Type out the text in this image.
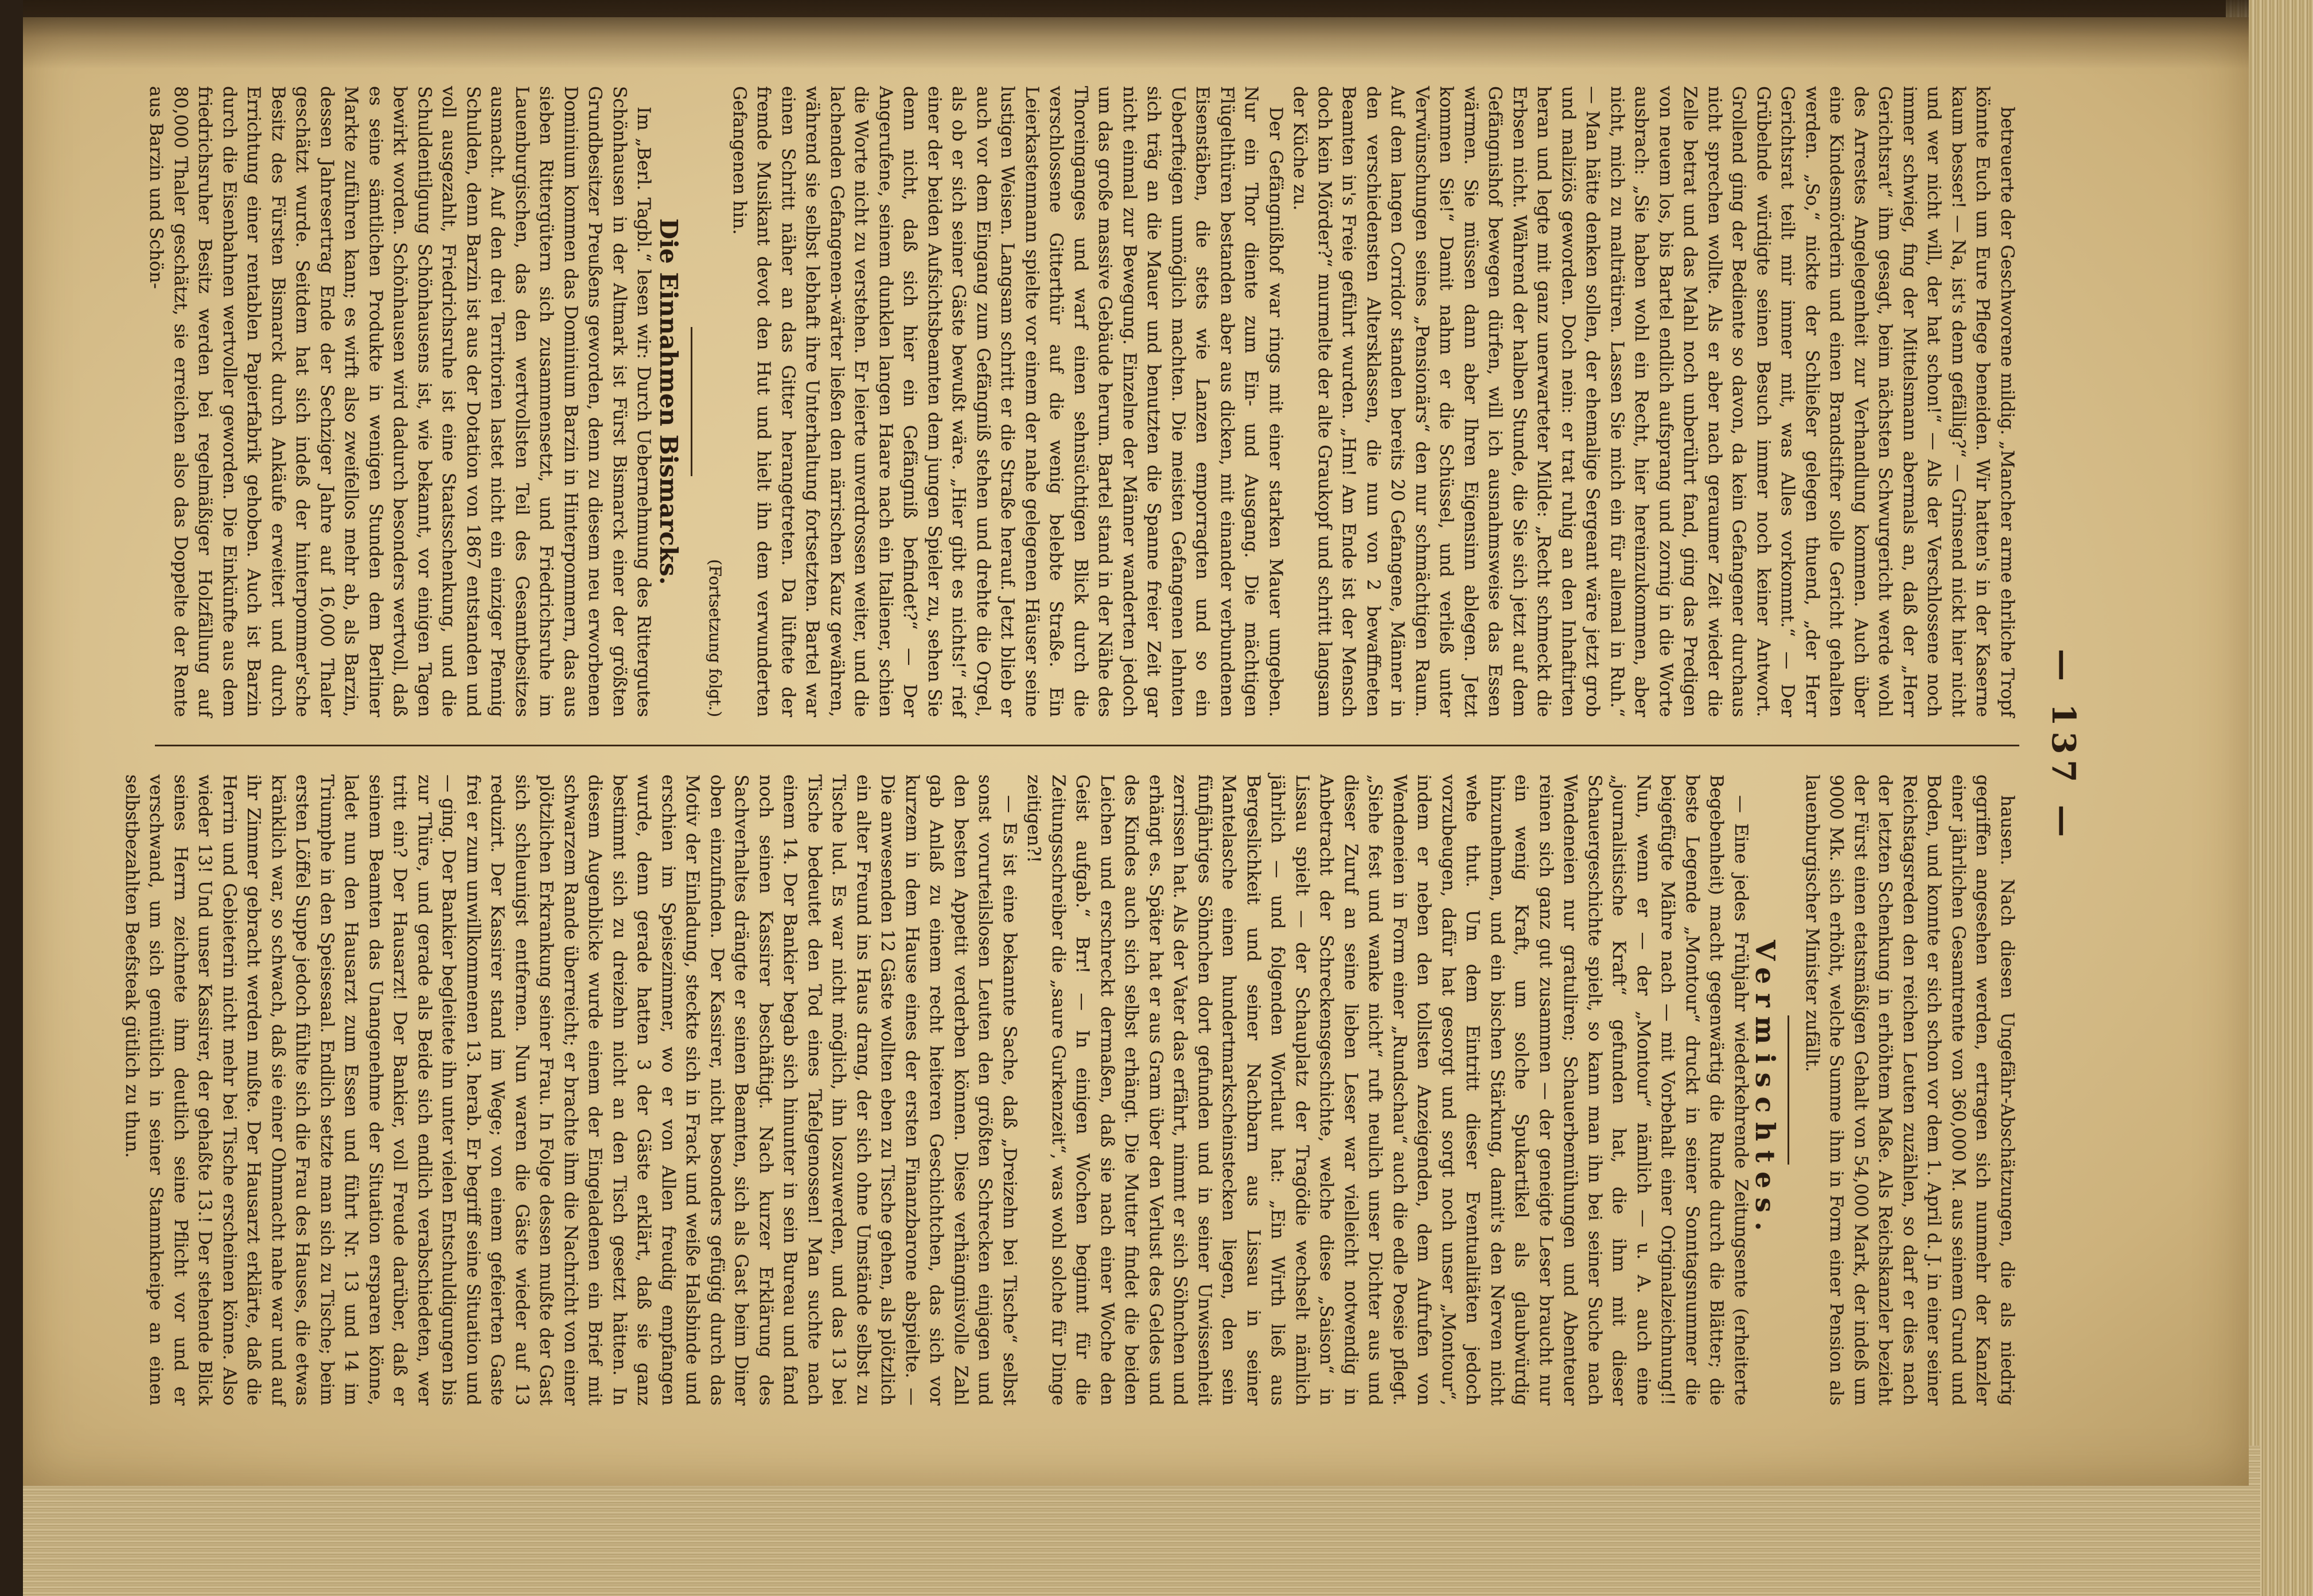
— 137 —

betreuerte der Geschworene mildig. „Mancher arme ehrliche Tropf könnte Euch um Eure Pflege beneiden. Wir hatten's in der Kaserne kaum besser! — Na, ist's denn gefällig?“ — Grinsend nickt hier nicht und wer nicht will, der hat schon!“ — Als der Verschlossene noch immer schwieg, fing der Mittelsmann abermals an, daß der „Herr Gerichtsrat“ ihm gesagt, beim nächsten Schwurgericht werde wohl des Arrestes Angelegenheit zur Verhandlung kommen. Auch über eine Kindesmörderin und einen Brandstifter solle Gericht gehalten werden. „So,“ nickte der Schließer gelegen thuend, „der Herr Gerichtsrat teilt mir immer mit, was Alles vorkommt.“ — Der Grübelnde würdigte seinen Besuch immer noch keiner Antwort. Grollend ging der Bediente so davon, da kein Gefangener durchaus nicht sprechen wollte. Als er aber nach geraumer Zeit wieder die Zelle betrat und das Mahl noch unberührt fand, ging das Predigen von neuem los, bis Bartel endlich aufsprang und zornig in die Worte ausbrach: „Sie haben wohl ein Recht, hier hereinzukommen, aber nicht, mich zu malträtiren. Lassen Sie mich ein für allemal in Ruh.“ — Man hätte denken sollen, der ehemalige Sergeant wäre jetzt grob und maliziös geworden. Doch nein: er trat ruhig an den Inhaftirten heran und legte mit ganz unerwarteter Milde: „Recht schmeckt die Erbsen nicht. Während der halben Stunde, die Sie sich jetzt auf dem Gefängnishof bewegen dürfen, will ich ausnahmsweise das Essen wärmen. Sie müssen dann aber Ihren Eigensinn ablegen. Jetzt kommen Sie!“ Damit nahm er die Schüssel, und verließ unter Verwünschungen seines „Pensionärs“ den nur schmächtigen Raum. Auf dem langen Corridor standen bereits 20 Gefangene, Männer in den verschiedensten Altersklassen, die nun von 2 bewaffneten Beamten in's Freie geführt wurden. „Hm! Am Ende ist der Mensch doch kein Mörder?“ murmelte der alte Graukopf und schritt langsam der Küche zu.

Der Gefängnißhof war rings mit einer starken Mauer umgeben. Nur ein Thor diente zum Ein- und Ausgang. Die mächtigen Flügelthüren bestanden aber aus dicken, mit einander verbundenen Eisenstäben, die stets wie Lanzen emporragten und so ein Ueberfteigen unmöglich machten. Die meisten Gefangenen lehnten sich träg an die Mauer und benutzten die Spanne freier Zeit gar nicht einmal zur Bewegung. Einzelne der Männer wanderten jedoch um das große massive Gebäude herum. Bartel stand in der Nähe des Thoreinganges und warf einen sehnsüchtigen Blick durch die verschlossene Gitterthür auf die wenig belebte Straße. Ein Leierkastenmann spielte vor einem der nahe gelegenen Häuser seine lustigen Weisen. Langsam schritt er die Straße herauf. Jetzt blieb er auch vor dem Eingang zum Gefängniß stehen und drehte die Orgel, als ob er sich seiner Gäste bewußt wäre. „Hier gibt es nichts!“ rief einer der beiden Aufsichtsbeamten dem jungen Spieler zu, sehen Sie denn nicht, daß sich hier ein Gefängniß befindet?“ — Der Angerufene, seinem dunklen langen Haare nach ein Italiener, schien die Worte nicht zu verstehen. Er leierte unverdrossen weiter, und die lachenden Gefangenen-wärter ließen den närrischen Kauz gewähren, während sie selbst lebhaft ihre Unterhaltung fortsetzten. Bartel war einen Schritt näher an das Gitter herangetreten. Da lüftete der fremde Musikant devot den Hut und hielt ihn dem verwunderten Gefangenen hin.

(Fortsetzung folgt.)

Die Einnahmen Bismarcks.

Im „Berl. Tagbl.“ lesen wir: Durch Uebernehmung des Rittergutes Schönhausen in der Altmark ist Fürst Bismarck einer der größten Grundbesitzer Preußens geworden, denn zu diesem neu erworbenen Dominium kommen das Dominium Barzin in Hinterpommern, das aus sieben Rittergütern sich zusammensetzt, und Friedrichsruhe im Lauenburgischen, das den wertvollsten Teil des Gesamtbesitzes ausmacht. Auf den drei Territorien lastet nicht ein einziger Pfennig Schulden, denn Barzin ist aus der Dotation von 1867 entstanden und voll ausgezahlt, Friedrichsruhe ist eine Staatsschenkung, und die Schuldentilgung Schönhausens ist, wie bekannt, vor einigen Tagen bewirkt worden. Schönhausen wird dadurch besonders wertvoll, daß es seine sämtlichen Produkte in wenigen Stunden dem Berliner Markte zuführen kann; es wirft also zweifellos mehr ab, als Barzin, dessen Jahresertrag Ende der Sechziger Jahre auf 16,000 Thaler geschätzt wurde. Seitdem hat sich indeß der hinterpommer'sche Besitz des Fürsten Bismarck durch Ankäufe erweitert und durch Errichtung einer rentablen Papierfabrik gehoben. Auch ist Barzin durch die Eisenbahnen wertvoller geworden. Die Einkünfte aus dem friedrichsruher Besitz werden bei regelmäßiger Holzfällung auf 80,000 Thaler geschätzt, sie erreichen also das Doppelte der Rente aus Barzin und Schön-

hausen. Nach diesen Ungefähr-Abschätzungen, die als niedrig gegriffen angesehen werden, ertragen sich nunmehr der Kanzler einer jährlichen Gesamtrente von 360,000 M. aus seinem Grund und Boden, und konnte er sich schon vor dem 1. April d. J. in einer seiner Reichstagsreden den reichen Leuten zuzählen, so darf er dies nach der letzten Schenkung in erhöhtem Maße. Als Reichskanzler bezieht der Fürst einen etatsmäßigen Gehalt von 54,000 Mark, der indeß um 9000 Mk. sich erhöht, welche Summe ihm in Form einer Pension als lauenburgischer Minister zufällt.

Vermischtes.

— Eine jedes Frühjahr wiederkehrende Zeitungsente (erheiterte Begebenheit) macht gegenwärtig die Runde durch die Blätter; die beste Legende „Montour“ druckt in seiner Sonntagsnummer die beigefügte Mähre nach — mit Vorbehalt einer Originalzeichnung!! Nun, wenn er — der „Montour“ nämlich — u. A. auch eine „journalistische Kraft“ gefunden hat, die ihm mit dieser Schauergeschichte spielt, so kann man ihn bei seiner Suche nach Wendeneien nur gratuliren; Schauerbemühungen und Abenteuer reinen sich ganz gut zusammen — der geneigte Leser braucht nur ein wenig Kraft, um solche Spukartikel als glaubwürdig hinzunehmen, und ein bischen Stärkung, damit's den Nerven nicht wehe thut. Um dem Eintritt dieser Eventualitäten jedoch vorzubeugen, dafür hat gesorgt und sorgt noch unser „Montour“, indem er neben den tollsten Anzeigenden, dem Aufrufen von Wendeneien in Form einer „Rundschau“ auch die edle Poesie pflegt. „Siehe fest und wanke nicht“ ruft neulich unser Dichter aus und dieser Zuruf an seine lieben Leser war vielleicht notwendig in Anbetracht der Schreckensgeschichte, welche diese „Saison“ in Lissau spielt — der Schauplatz der Tragödie wechselt nämlich jährlich — und folgenden Wortlaut hat: „Ein Wirth ließ aus Bergeslichkeit und seiner Nachbarn aus Lissau in seiner Mantelasche einen hundertmarkscheinstecken liegen, den sein fünfjähriges Söhnchen dort gefunden und in seiner Unwissenheit zerrissen hat. Als der Vater das erfährt, nimmt er sich Söhnchen und erhängt es. Später hat er aus Gram über den Verlust des Geldes und des Kindes auch sich selbst erhängt. Die Mutter findet die beiden Leichen und erschreckt dermaßen, daß sie nach einer Woche den Geist aufgab.“ Brr! — In einigen Wochen beginnt für die Zeitungsschreiber die „saure Gurkenzeit“, was wohl solche für Dinge zeitigen?!

— Es ist eine bekannte Sache, daß „Dreizehn bei Tische“ selbst sonst vorurteilslosen Leuten den größten Schrecken einjagen und den besten Appetit verderben können. Diese verhängnisvolle Zahl gab Anlaß zu einem recht heiteren Geschichtchen, das sich vor kurzem in dem Hause eines der ersten Finanzbarone abspielte. — Die anwesenden 12 Gäste wollten eben zu Tische gehen, als plötzlich ein alter Freund ins Haus drang, der sich ohne Umstände selbst zu Tische lud. Es war nicht möglich, ihn loszuwerden, und das 13 bei Tische bedeutet den Tod eines Tafelgenossen! Man suchte nach einem 14. Der Bankier begab sich hinunter in sein Bureau und fand noch seinen Kassirer beschäftigt. Nach kurzer Erklärung des Sachverhaltes drängte er seinen Beamten, sich als Gast beim Diner oben einzufinden. Der Kassirer, nicht besonders gefügig durch das Motiv der Einladung, steckte sich in Frack und weiße Halsbinde und erschien im Speisezimmer, wo er von Allen freudig empfangen wurde, denn gerade hatten 3 der Gäste erklärt, daß sie ganz bestimmt sich zu dreizehn nicht an den Tisch gesetzt hätten. In diesem Augenblicke wurde einem der Eingeladenen ein Brief mit schwarzem Rande überreicht; er brachte ihm die Nachricht von einer plötzlichen Erkrankung seiner Frau. In Folge dessen mußte der Gast sich schleunigst entfernen. Nun waren die Gäste wieder auf 13 reduzirt. Der Kassirer stand im Wege; von einem gefeierten Gaste frei er zum unwillkommenen 13. herab. Er begriff seine Situation und — ging. Der Bankier begleitete ihn unter vielen Entschuldigungen bis zur Thüre, und gerade als Beide sich endlich verabschiedeten, wer tritt ein? Der Hausarzt! Der Bankier, voll Freude darüber, daß er seinem Beamten das Unangenehme der Situation ersparen könne, ladet nun den Hausarzt zum Essen und führt Nr. 13 und 14 im Triumphe in den Speisesaal. Endlich setzte man sich zu Tische; beim ersten Löffel Suppe jedoch fühlte sich die Frau des Hauses, die etwas kränklich war, so schwach, daß sie einer Ohnmacht nahe war und auf ihr Zimmer gebracht werden mußte. Der Hausarzt erklärte, daß die Herrin und Gebieterin nicht mehr bei Tische erscheinen könne. Also wieder 13! Und unser Kassirer, der gehaßte 13.! Der stehende Blick seines Herrn zeichnete ihm deutlich seine Pflicht vor und er verschwand, um sich gemütlich in seiner Stammkneipe an einen selbstbezahlten Beefsteak gütlich zu thun.
